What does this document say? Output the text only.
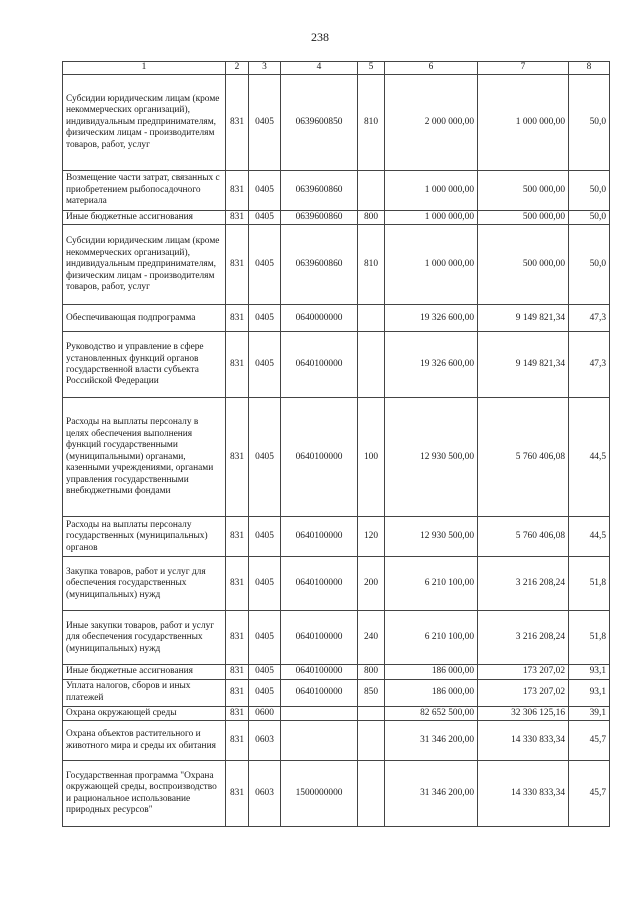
238
1	2	3	4	5	6	7	8
Субсидии юридическим лицам (кроме некоммерческих организаций), индивидуальным предпринимателям, физическим лицам - производителям товаров, работ, услуг	831	0405	0639600850	810	2 000 000,00	1 000 000,00	50,0
Возмещение части затрат, связанных с приобретением рыбопосадочного материала	831	0405	0639600860		1 000 000,00	500 000,00	50,0
Иные бюджетные ассигнования	831	0405	0639600860	800	1 000 000,00	500 000,00	50,0
Субсидии юридическим лицам (кроме некоммерческих организаций), индивидуальным предпринимателям, физическим лицам - производителям товаров, работ, услуг	831	0405	0639600860	810	1 000 000,00	500 000,00	50,0
Обеспечивающая подпрограмма	831	0405	0640000000		19 326 600,00	9 149 821,34	47,3
Руководство и управление в сфере установленных функций органов государственной власти субъекта Российской Федерации	831	0405	0640100000		19 326 600,00	9 149 821,34	47,3
Расходы на выплаты персоналу в целях обеспечения выполнения функций государственными (муниципальными) органами, казенными учреждениями, органами управления государственными внебюджетными фондами	831	0405	0640100000	100	12 930 500,00	5 760 406,08	44,5
Расходы на выплаты персоналу государственных (муниципальных) органов	831	0405	0640100000	120	12 930 500,00	5 760 406,08	44,5
Закупка товаров, работ и услуг для обеспечения государственных (муниципальных) нужд	831	0405	0640100000	200	6 210 100,00	3 216 208,24	51,8
Иные закупки товаров, работ и услуг для обеспечения государственных (муниципальных) нужд	831	0405	0640100000	240	6 210 100,00	3 216 208,24	51,8
Иные бюджетные ассигнования	831	0405	0640100000	800	186 000,00	173 207,02	93,1
Уплата налогов, сборов и иных платежей	831	0405	0640100000	850	186 000,00	173 207,02	93,1
Охрана окружающей среды	831	0600			82 652 500,00	32 306 125,16	39,1
Охрана объектов растительного и животного мира и среды их обитания	831	0603			31 346 200,00	14 330 833,34	45,7
Государственная программа "Охрана окружающей среды, воспроизводство и рациональное использование природных ресурсов"	831	0603	1500000000		31 346 200,00	14 330 833,34	45,7
